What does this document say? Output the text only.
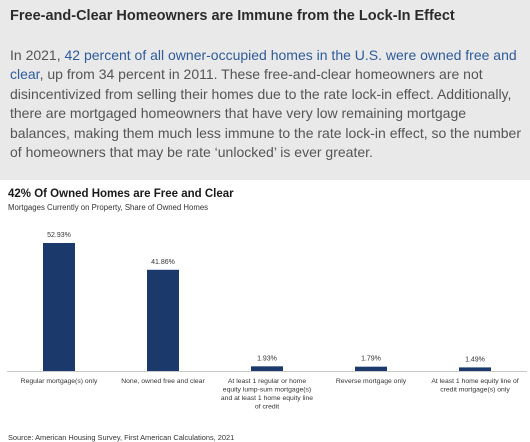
Free-and-Clear Homeowners are Immune from the Lock-In Effect

In 2021, 42 percent of all owner-occupied homes in the U.S. were owned free and clear, up from 34 percent in 2011. These free-and-clear homeowners are not disincentivized from selling their homes due to the rate lock-in effect. Additionally, there are mortgaged homeowners that have very low remaining mortgage balances, making them much less immune to the rate lock-in effect, so the number of homeowners that may be rate ‘unlocked’ is ever greater.

42% Of Owned Homes are Free and Clear
Mortgages Currently on Property, Share of Owned Homes
52.93%
Regular mortgage(s) only
41.86%
None, owned free and clear
1.93%
At least 1 regular or home equity lump-sum mortgage(s) and at least 1 home equity line of credit
1.79%
Reverse mortgage only
1.49%
At least 1 home equity line of credit mortgage(s) only
Source: American Housing Survey, First American Calculations, 2021
